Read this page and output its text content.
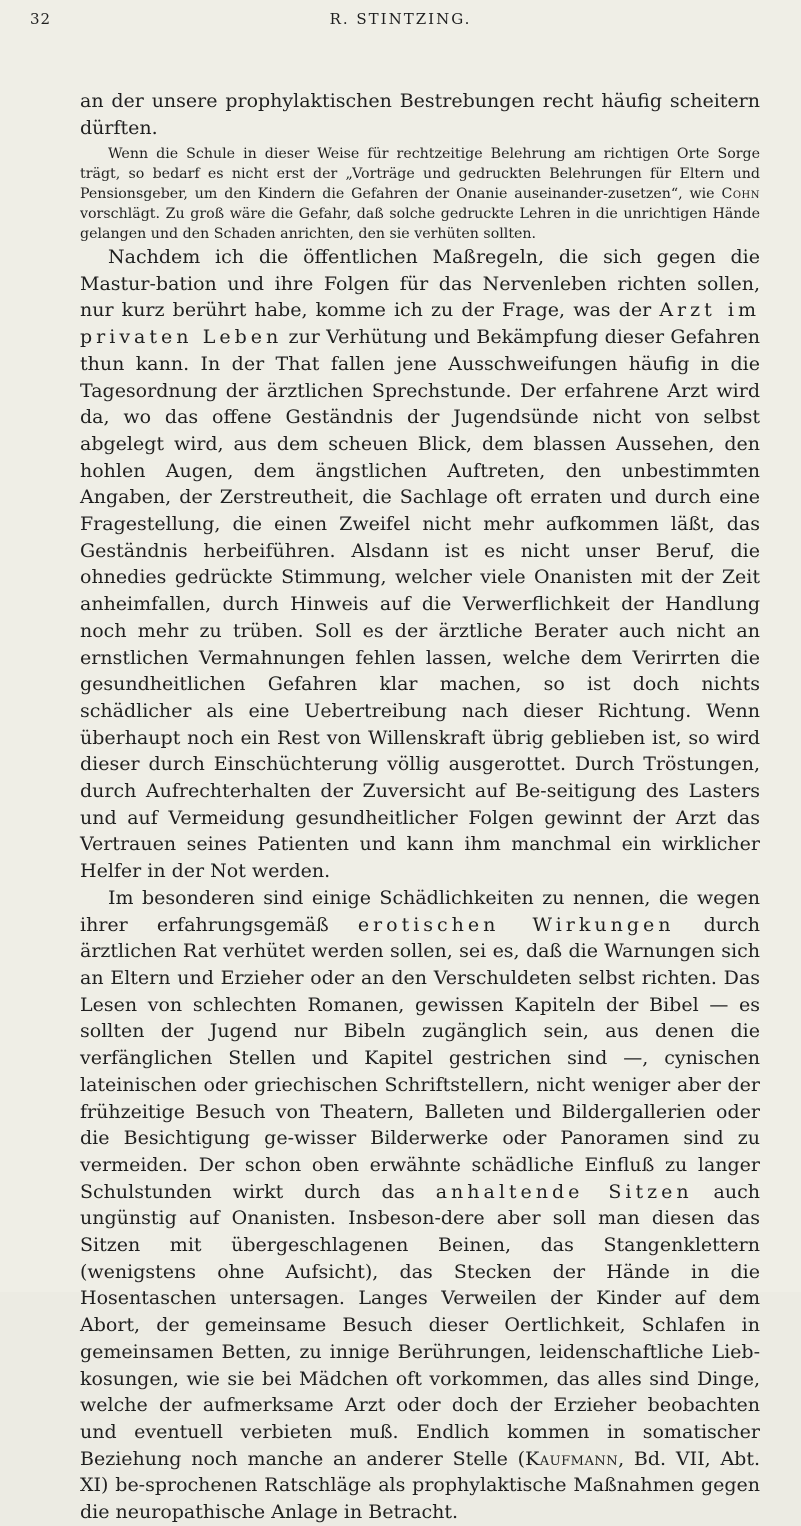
32	R. STINTZING.

an der unsere prophylaktischen Bestrebungen recht häufig scheitern dürften.

Wenn die Schule in dieser Weise für rechtzeitige Belehrung am richtigen Orte Sorge trägt, so bedarf es nicht erst der „Vorträge und gedruckten Belehrungen für Eltern und Pensionsgeber, um den Kindern die Gefahren der Onanie auseinander-zusetzen“, wie Cohn vorschlägt. Zu groß wäre die Gefahr, daß solche gedruckte Lehren in die unrichtigen Hände gelangen und den Schaden anrichten, den sie verhüten sollten.

Nachdem ich die öffentlichen Maßregeln, die sich gegen die Mastur-bation und ihre Folgen für das Nervenleben richten sollen, nur kurz berührt habe, komme ich zu der Frage, was der Arzt im privaten Leben zur Verhütung und Bekämpfung dieser Gefahren thun kann. In der That fallen jene Ausschweifungen häufig in die Tagesordnung der ärztlichen Sprechstunde. Der erfahrene Arzt wird da, wo das offene Geständnis der Jugendsünde nicht von selbst abgelegt wird, aus dem scheuen Blick, dem blassen Aussehen, den hohlen Augen, dem ängstlichen Auftreten, den unbestimmten Angaben, der Zerstreutheit, die Sachlage oft erraten und durch eine Fragestellung, die einen Zweifel nicht mehr aufkommen läßt, das Geständnis herbeiführen. Alsdann ist es nicht unser Beruf, die ohnedies gedrückte Stimmung, welcher viele Onanisten mit der Zeit anheimfallen, durch Hinweis auf die Verwerflichkeit der Handlung noch mehr zu trüben. Soll es der ärztliche Berater auch nicht an ernstlichen Vermahnungen fehlen lassen, welche dem Verirrten die gesundheitlichen Gefahren klar machen, so ist doch nichts schädlicher als eine Uebertreibung nach dieser Richtung. Wenn überhaupt noch ein Rest von Willenskraft übrig geblieben ist, so wird dieser durch Einschüchterung völlig ausgerottet. Durch Tröstungen, durch Aufrechterhalten der Zuversicht auf Be-seitigung des Lasters und auf Vermeidung gesundheitlicher Folgen gewinnt der Arzt das Vertrauen seines Patienten und kann ihm manchmal ein wirklicher Helfer in der Not werden.

Im besonderen sind einige Schädlichkeiten zu nennen, die wegen ihrer erfahrungsgemäß erotischen Wirkungen durch ärztlichen Rat verhütet werden sollen, sei es, daß die Warnungen sich an Eltern und Erzieher oder an den Verschuldeten selbst richten. Das Lesen von schlechten Romanen, gewissen Kapiteln der Bibel — es sollten der Jugend nur Bibeln zugänglich sein, aus denen die verfänglichen Stellen und Kapitel gestrichen sind —, cynischen lateinischen oder griechischen Schriftstellern, nicht weniger aber der frühzeitige Besuch von Theatern, Balleten und Bildergallerien oder die Besichtigung ge-wisser Bilderwerke oder Panoramen sind zu vermeiden. Der schon oben erwähnte schädliche Einfluß zu langer Schulstunden wirkt durch das anhaltende Sitzen auch ungünstig auf Onanisten. Insbeson-dere aber soll man diesen das Sitzen mit übergeschlagenen Beinen, das Stangenklettern (wenigstens ohne Aufsicht), das Stecken der Hände in die Hosentaschen untersagen. Langes Verweilen der Kinder auf dem Abort, der gemeinsame Besuch dieser Oertlichkeit, Schlafen in gemeinsamen Betten, zu innige Berührungen, leidenschaftliche Lieb-kosungen, wie sie bei Mädchen oft vorkommen, das alles sind Dinge, welche der aufmerksame Arzt oder doch der Erzieher beobachten und eventuell verbieten muß. Endlich kommen in somatischer Beziehung noch manche an anderer Stelle (Kaufmann, Bd. VII, Abt. XI) be-sprochenen Ratschläge als prophylaktische Maßnahmen gegen die neuropathische Anlage in Betracht.
